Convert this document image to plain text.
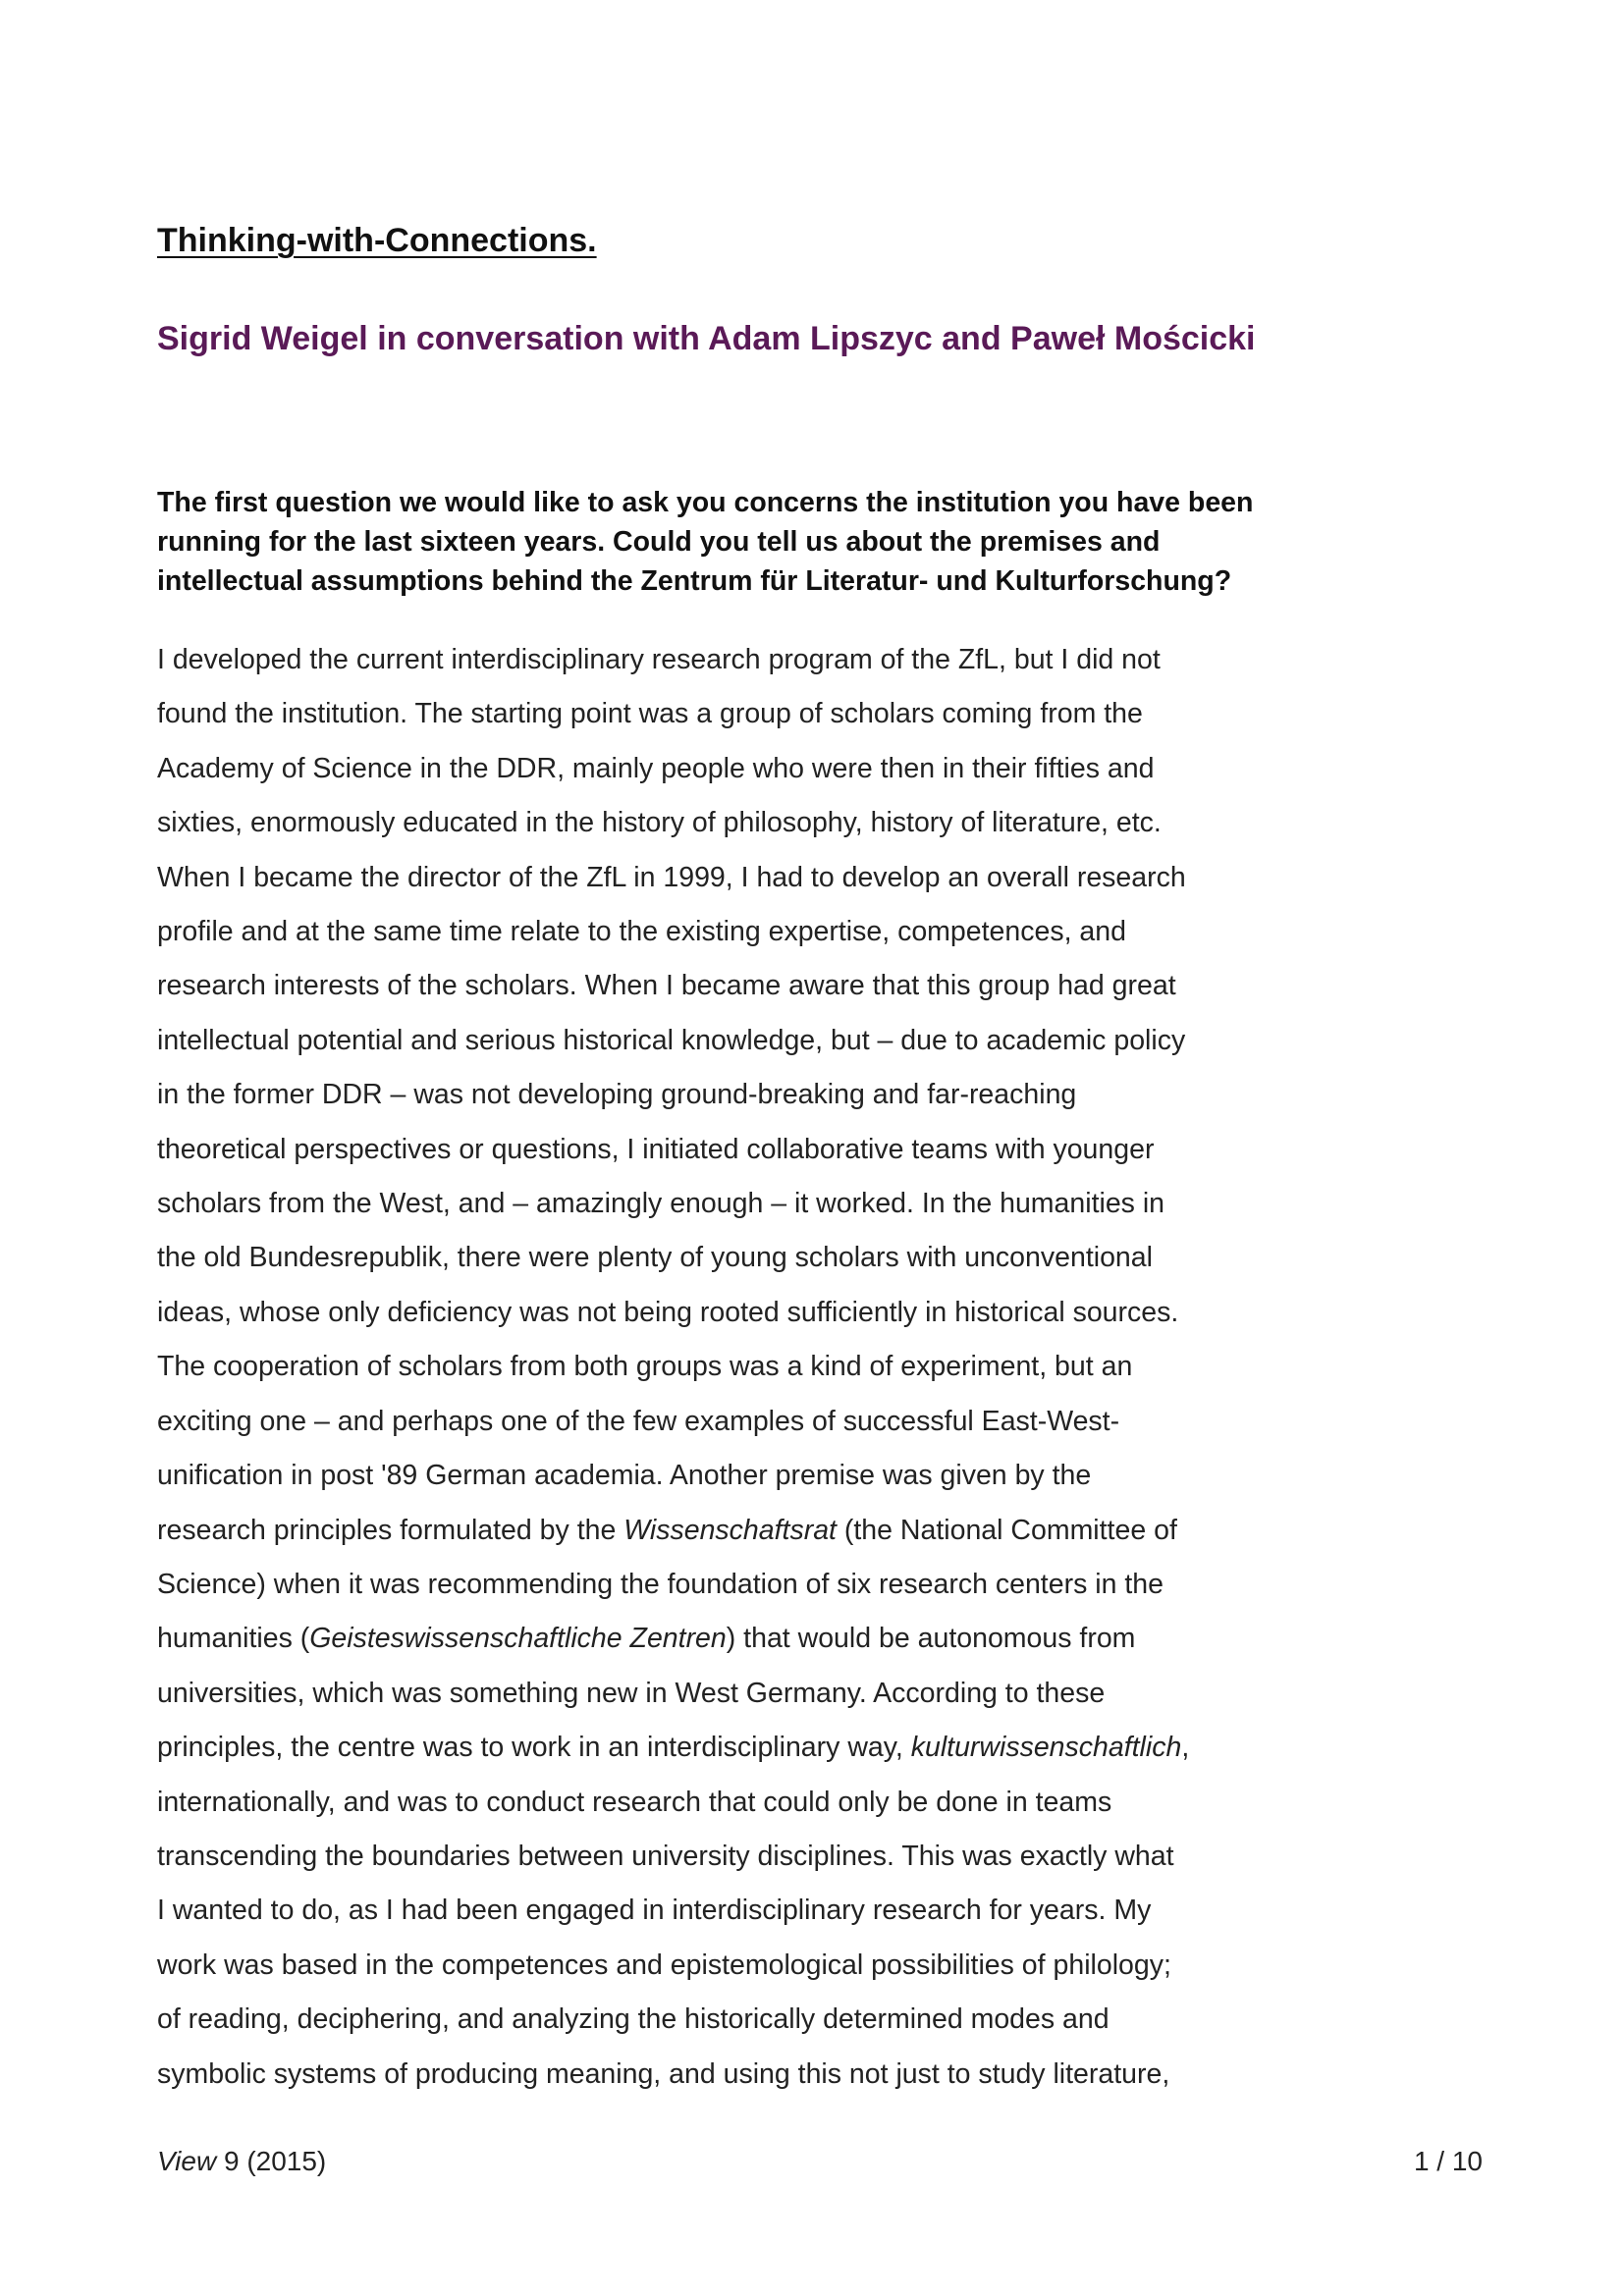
Thinking-with-Connections.
Sigrid Weigel in conversation with Adam Lipszyc and Paweł Mościcki

The first question we would like to ask you concerns the institution you have been
running for the last sixteen years. Could you tell us about the premises and
intellectual assumptions behind the Zentrum für Literatur- und Kulturforschung?

I developed the current interdisciplinary research program of the ZfL, but I did not
found the institution. The starting point was a group of scholars coming from the
Academy of Science in the DDR, mainly people who were then in their fifties and
sixties, enormously educated in the history of philosophy, history of literature, etc.
When I became the director of the ZfL in 1999, I had to develop an overall research
profile and at the same time relate to the existing expertise, competences, and
research interests of the scholars. When I became aware that this group had great
intellectual potential and serious historical knowledge, but – due to academic policy
in the former DDR – was not developing ground-breaking and far-reaching
theoretical perspectives or questions, I initiated collaborative teams with younger
scholars from the West, and – amazingly enough – it worked. In the humanities in
the old Bundesrepublik, there were plenty of young scholars with unconventional
ideas, whose only deficiency was not being rooted sufficiently in historical sources.
The cooperation of scholars from both groups was a kind of experiment, but an
exciting one – and perhaps one of the few examples of successful East-West-
unification in post '89 German academia. Another premise was given by the
research principles formulated by the Wissenschaftsrat (the National Committee of
Science) when it was recommending the foundation of six research centers in the
humanities (Geisteswissenschaftliche Zentren) that would be autonomous from
universities, which was something new in West Germany. According to these
principles, the centre was to work in an interdisciplinary way, kulturwissenschaftlich,
internationally, and was to conduct research that could only be done in teams
transcending the boundaries between university disciplines. This was exactly what
I wanted to do, as I had been engaged in interdisciplinary research for years. My
work was based in the competences and epistemological possibilities of philology;
of reading, deciphering, and analyzing the historically determined modes and
symbolic systems of producing meaning, and using this not just to study literature,

View 9 (2015)	1 / 10
